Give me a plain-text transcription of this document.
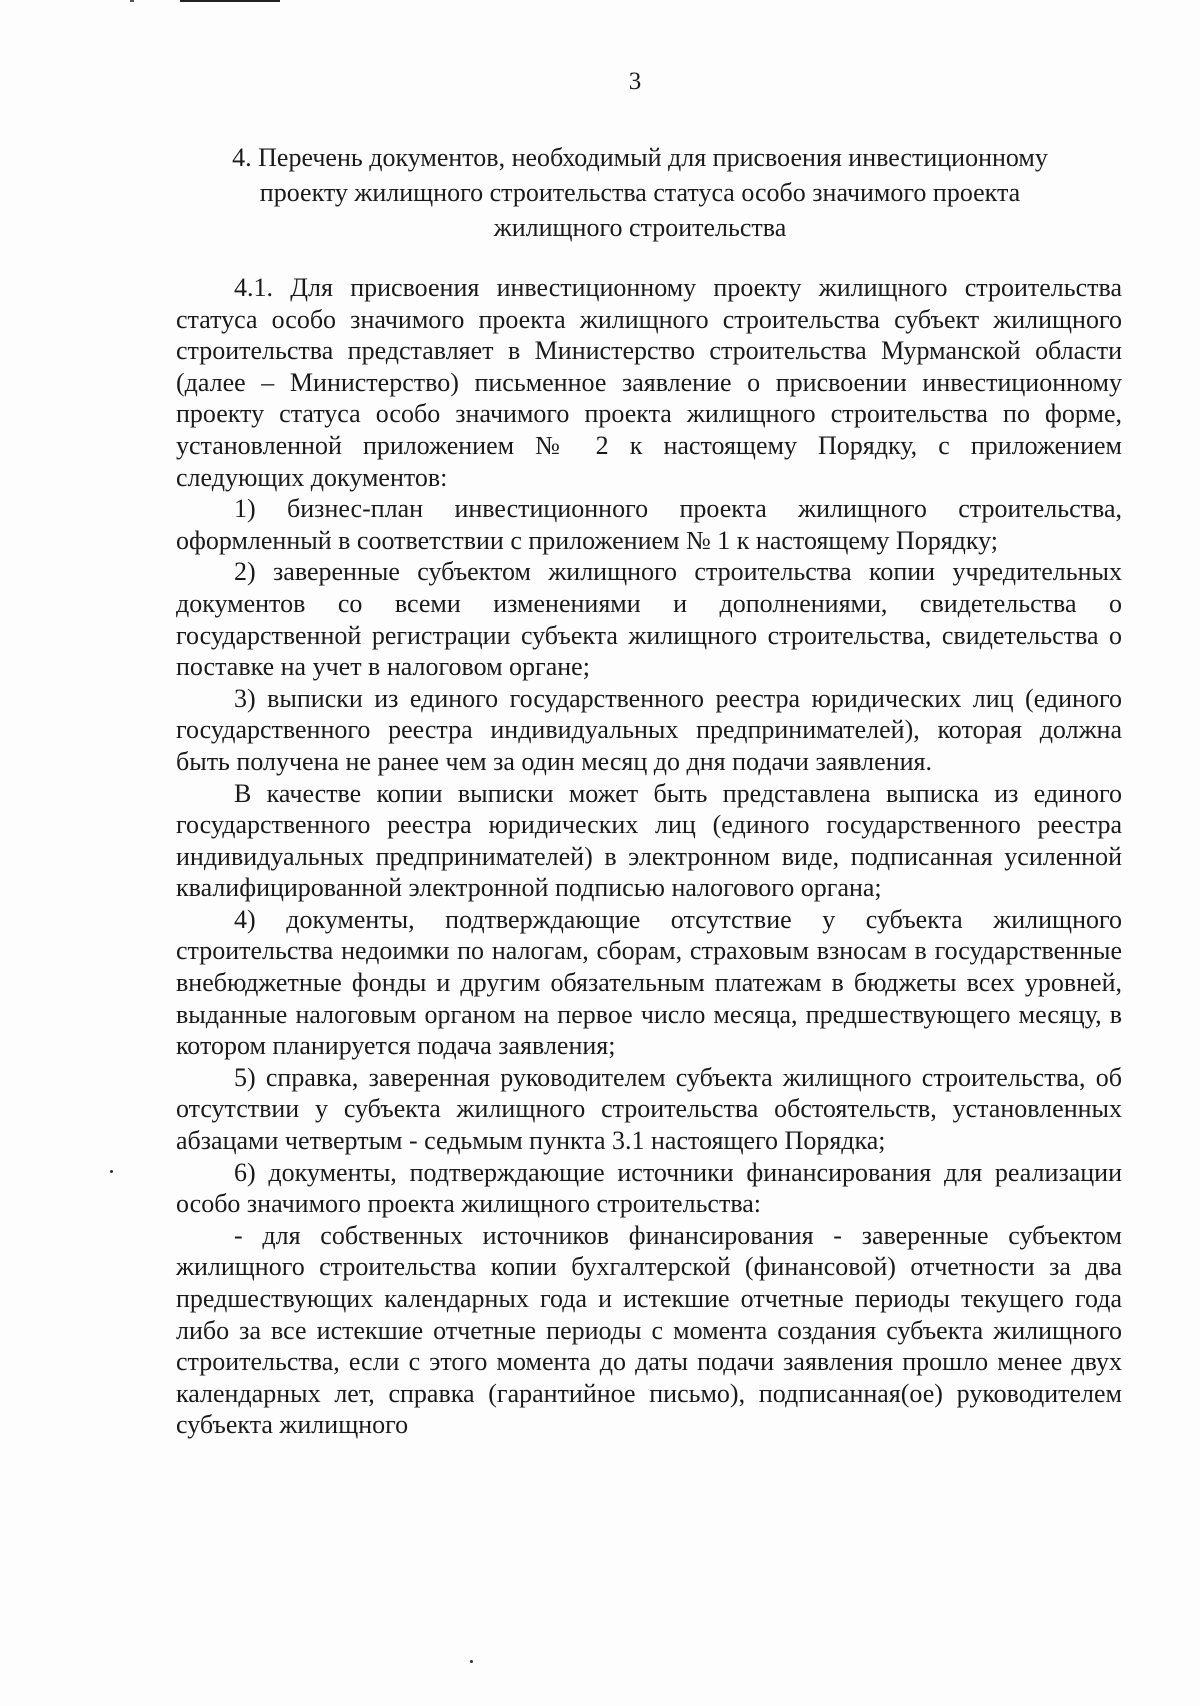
3
4. Перечень документов, необходимый для присвоения инвестиционному
проекту жилищного строительства статуса особо значимого проекта
жилищного строительства

4.1. Для присвоения инвестиционному проекту жилищного строительства статуса особо значимого проекта жилищного строительства субъект жилищного строительства представляет в Министерство строительства Мурманской области (далее – Министерство) письменное заявление о присвоении инвестиционному проекту статуса особо значимого проекта жилищного строительства по форме, установленной приложением № 2 к настоящему Порядку, с приложением следующих документов:

1) бизнес-план инвестиционного проекта жилищного строительства, оформленный в соответствии с приложением № 1 к настоящему Порядку;

2) заверенные субъектом жилищного строительства копии учредительных документов со всеми изменениями и дополнениями, свидетельства о государственной регистрации субъекта жилищного строительства, свидетельства о поставке на учет в налоговом органе;

3) выписки из единого государственного реестра юридических лиц (единого государственного реестра индивидуальных предпринимателей), которая должна быть получена не ранее чем за один месяц до дня подачи заявления.

В качестве копии выписки может быть представлена выписка из единого государственного реестра юридических лиц (единого государственного реестра индивидуальных предпринимателей) в электронном виде, подписанная усиленной квалифицированной электронной подписью налогового органа;

4) документы, подтверждающие отсутствие у субъекта жилищного строительства недоимки по налогам, сборам, страховым взносам в государственные внебюджетные фонды и другим обязательным платежам в бюджеты всех уровней, выданные налоговым органом на первое число месяца, предшествующего месяцу, в котором планируется подача заявления;

5) справка, заверенная руководителем субъекта жилищного строительства, об отсутствии у субъекта жилищного строительства обстоятельств, установленных абзацами четвертым - седьмым пункта 3.1 настоящего Порядка;

6) документы, подтверждающие источники финансирования для реализации особо значимого проекта жилищного строительства:

- для собственных источников финансирования - заверенные субъектом жилищного строительства копии бухгалтерской (финансовой) отчетности за два предшествующих календарных года и истекшие отчетные периоды текущего года либо за все истекшие отчетные периоды с момента создания субъекта жилищного строительства, если с этого момента до даты подачи заявления прошло менее двух календарных лет, справка (гарантийное письмо), подписанная(ое) руководителем субъекта жилищного
